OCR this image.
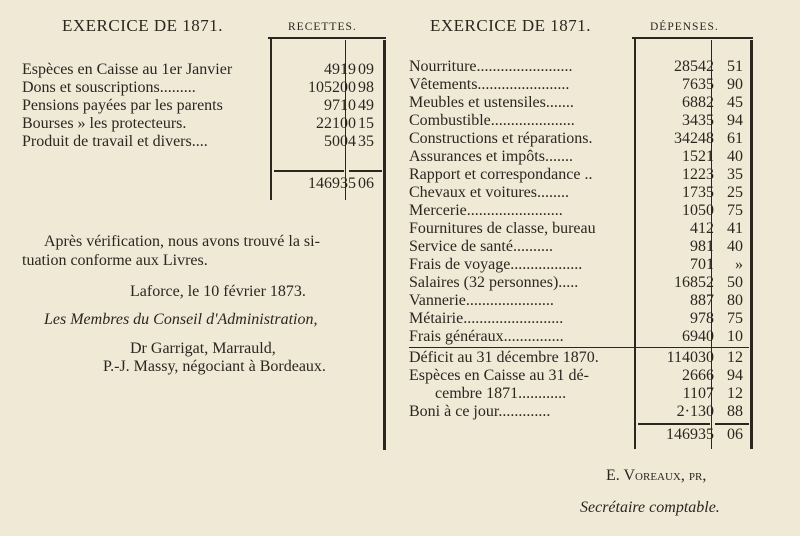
EXERCICE DE 1871.	RECETTES.
Espèces en Caisse au 1er Janvier	4919 09
Dons et souscriptions.........	105200 98
Pensions payées par les parents	9710 49
Bourses » les protecteurs.	22100 15
Produit de travail et divers....	5004 35
146935 06
Après vérification, nous avons trouvé la si-
tuation conforme aux Livres.
Laforce, le 10 février 1873.
Les Membres du Conseil d'Administration,
Dr Garrigat, Marrauld,
P.-J. Massy, négociant à Bordeaux.
EXERCICE DE 1871.	DÉPENSES.
Nourriture........................	28542 51
Vêtements.......................	7635 90
Meubles et ustensiles.......	6882 45
Combustible.....................	3435 94
Constructions et réparations.	34248 61
Assurances et impôts.......	1521 40
Rapport et correspondance ..	1223 35
Chevaux et voitures........	1735 25
Mercerie........................	1050 75
Fournitures de classe, bureau	412 41
Service de santé..........	981 40
Frais de voyage..................	701	»
Salaires (32 personnes).....	16852 50
Vannerie......................	887 80
Métairie.........................	978 75
Frais généraux...............	6940 10
Déficit au 31 décembre 1870.	114030 12
Espèces en Caisse au 31 dé-	2666 94
cembre 1871............	1107 12
Boni à ce jour.............	2·130 88
146935 06
E. Voreaux, pr,
Secrétaire comptable.
